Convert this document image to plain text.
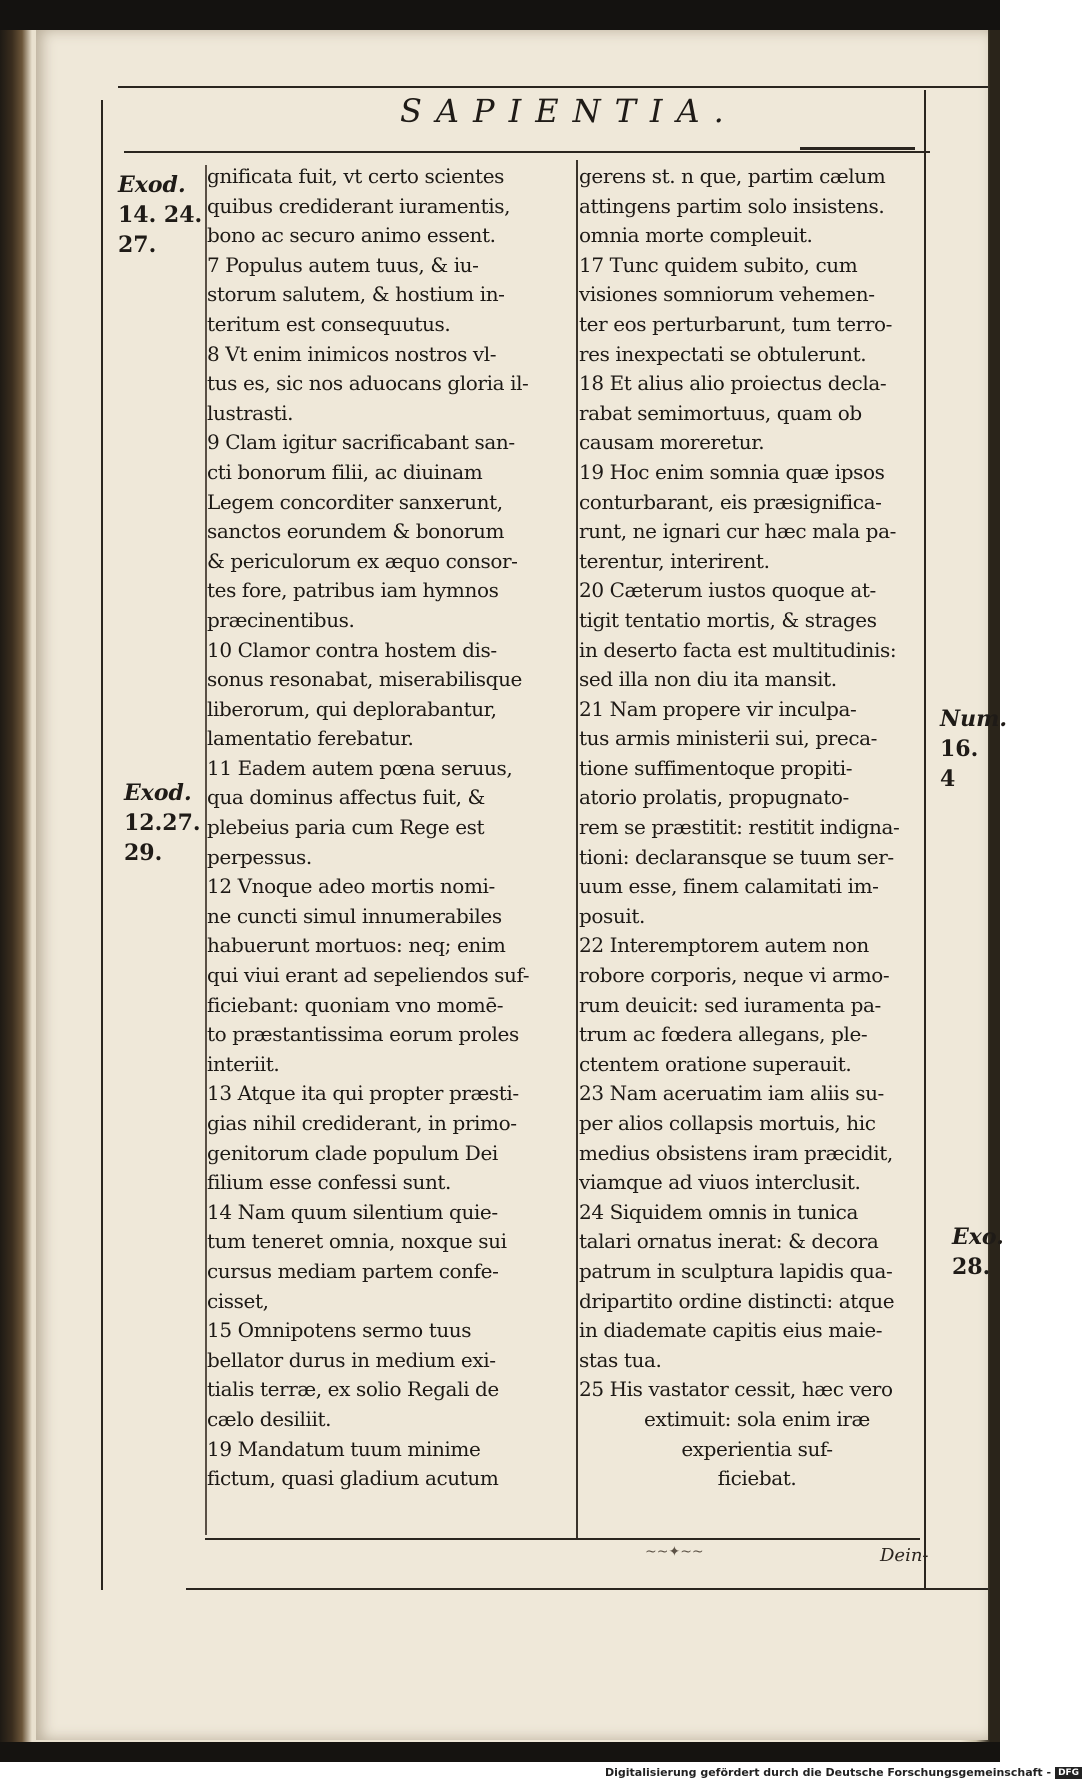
SAPIENTIA.
Exod.
14. 24.
27.
Exod.
12.27.
29.
Num.
16. 4
Exo.
28.
gnificata fuit, vt certo scientes
quibus crediderant iuramentis,
bono ac securo animo essent.
7 Populus autem tuus, & iu-
storum salutem, & hostium in-
teritum est consequutus.
8 Vt enim inimicos nostros vl-
tus es, sic nos aduocans gloria il-
lustrasti.
9 Clam igitur sacrificabant san-
cti bonorum filii, ac diuinam
Legem concorditer sanxerunt,
sanctos eorundem & bonorum
& periculorum ex æquo consor-
tes fore, patribus iam hymnos
præcinentibus.
10 Clamor contra hostem dis-
sonus resonabat, miserabilisque
liberorum, qui deplorabantur,
lamentatio ferebatur.
11 Eadem autem pœna seruus,
qua dominus affectus fuit, &
plebeius paria cum Rege est
perpessus.
12 Vnoque adeo mortis nomi-
ne cuncti simul innumerabiles
habuerunt mortuos: neq; enim
qui viui erant ad sepeliendos suf-
ficiebant: quoniam vno momē-
to præstantissima eorum proles
interiit.
13 Atque ita qui propter præsti-
gias nihil crediderant, in primo-
genitorum clade populum Dei
filium esse confessi sunt.
14 Nam quum silentium quie-
tum teneret omnia, noxque sui
cursus mediam partem confe-
cisset,
15 Omnipotens sermo tuus
bellator durus in medium exi-
tialis terræ, ex solio Regali de
cælo desiliit.
19 Mandatum tuum minime
fictum, quasi gladium acutum
gerens st. n que, partim cælum
attingens partim solo insistens.
omnia morte compleuit.
17 Tunc quidem subito, cum
visiones somniorum vehemen-
ter eos perturbarunt, tum terro-
res inexpectati se obtulerunt.
18 Et alius alio proiectus decla-
rabat semimortuus, quam ob
causam moreretur.
19 Hoc enim somnia quæ ipsos
conturbarant, eis præsignifica-
runt, ne ignari cur hæc mala pa-
terentur, interirent.
20 Cæterum iustos quoque at-
tigit tentatio mortis, & strages
in deserto facta est multitudinis:
sed illa non diu ita mansit.
21 Nam propere vir inculpa-
tus armis ministerii sui, preca-
tione suffimentoque propiti-
atorio prolatis, propugnato-
rem se præstitit: restitit indigna-
tioni: declaransque se tuum ser-
uum esse, finem calamitati im-
posuit.
22 Interemptorem autem non
robore corporis, neque vi armo-
rum deuicit: sed iuramenta pa-
trum ac fœdera allegans, ple-
ctentem oratione superauit.
23 Nam aceruatim iam aliis su-
per alios collapsis mortuis, hic
medius obsistens iram præcidit,
viamque ad viuos interclusit.
24 Siquidem omnis in tunica
talari ornatus inerat: & decora
patrum in sculptura lapidis qua-
dripartito ordine distincti: atque
in diademate capitis eius maie-
stas tua.
25 His vastator cessit, hæc vero
extimuit: sola enim iræ
experientia suf-
ficiebat.
~~✦~~	Dein-
Digitalisierung gefördert durch die Deutsche Forschungsgemeinschaft - DFG
